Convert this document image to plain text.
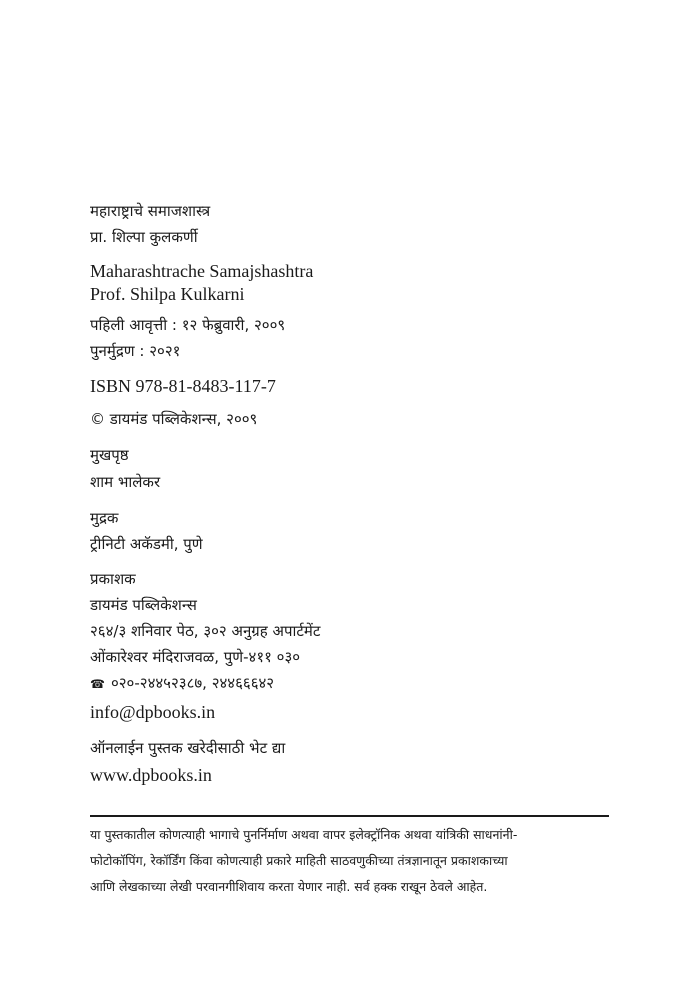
महाराष्ट्राचे समाजशास्त्र
प्रा. शिल्पा कुलकर्णी
Maharashtrache Samajshashtra
Prof. Shilpa Kulkarni
पहिली आवृत्ती : १२ फेब्रुवारी, २००९
पुनर्मुद्रण : २०२१
ISBN 978-81-8483-117-7
© डायमंड पब्लिकेशन्स, २००९
मुखपृष्ठ
शाम भालेकर
मुद्रक
ट्रीनिटी अकॅडमी, पुणे
प्रकाशक
डायमंड पब्लिकेशन्स
२६४/३ शनिवार पेठ, ३०२ अनुग्रह अपार्टमेंट
ओंकारेश्वर मंदिराजवळ, पुणे-४११ ०३०
☎ ०२०-२४४५२३८७, २४४६६६४२
info@dpbooks.in
ऑनलाईन पुस्तक खरेदीसाठी भेट द्या
www.dpbooks.in
या पुस्तकातील कोणत्याही भागाचे पुनर्निर्माण अथवा वापर इलेक्ट्रॉनिक अथवा यांत्रिकी साधनांनी-
फोटोकॉपिंग, रेकॉर्डिंग किंवा कोणत्याही प्रकारे माहिती साठवणुकीच्या तंत्रज्ञानातून प्रकाशकाच्या
आणि लेखकाच्या लेखी परवानगीशिवाय करता येणार नाही. सर्व हक्क राखून ठेवले आहेत.
